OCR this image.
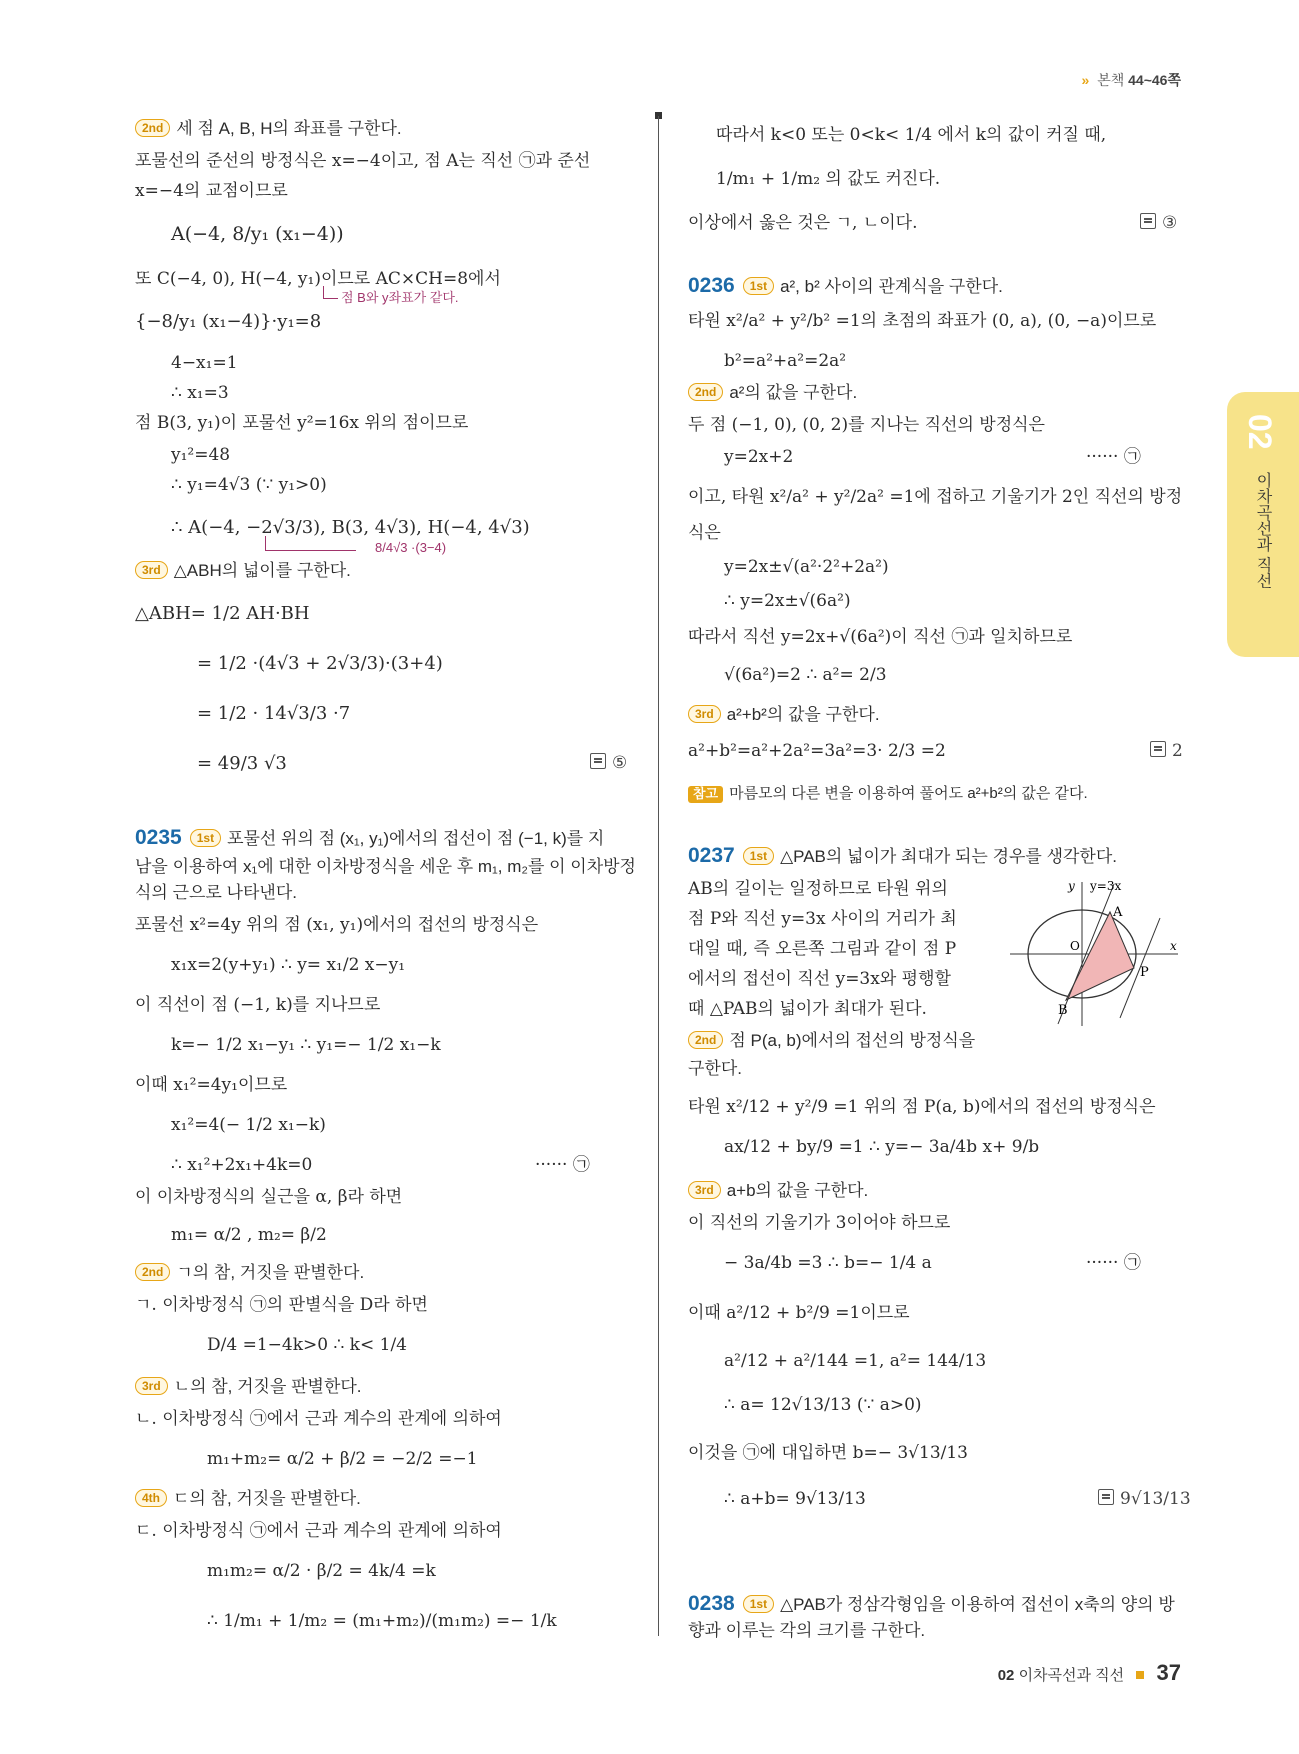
» 본책 44~46쪽
2nd 세 점 A, B, H의 좌표를 구한다.
포물선의 준선의 방정식은 x=−4이고, 점 A는 직선 ㉠과 준선
x=−4의 교점이므로
A(−4, 8/y₁ (x₁−4))
또 C(−4, 0), H(−4, y₁)이므로 AC×CH=8에서
점 B와 y좌표가 같다.
{−8/y₁ (x₁−4)}·y₁=8
4−x₁=1
∴ x₁=3
점 B(3, y₁)이 포물선 y²=16x 위의 점이므로
y₁²=48
∴ y₁=4√3 (∵ y₁>0)
∴ A(−4, −2√3/3), B(3, 4√3), H(−4, 4√3)
8/4√3 ·(3−4)
3rd △ABH의 넓이를 구한다.
△ABH= 1/2 AH·BH
= 1/2 ·(4√3 + 2√3/3)·(3+4)
= 1/2 · 14√3/3 ·7
= 49/3 √3	⑤
0235 1st 포물선 위의 점 (x₁, y₁)에서의 접선이 점 (−1, k)를 지
남을 이용하여 x₁에 대한 이차방정식을 세운 후 m₁, m₂를 이 이차방정
식의 근으로 나타낸다.
포물선 x²=4y 위의 점 (x₁, y₁)에서의 접선의 방정식은
x₁x=2(y+y₁) ∴ y= x₁/2 x−y₁
이 직선이 점 (−1, k)를 지나므로
k=− 1/2 x₁−y₁ ∴ y₁=− 1/2 x₁−k
이때 x₁²=4y₁이므로
x₁²=4(− 1/2 x₁−k)
∴ x₁²+2x₁+4k=0	······ ㉠
이 이차방정식의 실근을 α, β라 하면
m₁= α/2 , m₂= β/2
2nd ㄱ의 참, 거짓을 판별한다.
ㄱ. 이차방정식 ㉠의 판별식을 D라 하면
D/4 =1−4k>0 ∴ k< 1/4
3rd ㄴ의 참, 거짓을 판별한다.
ㄴ. 이차방정식 ㉠에서 근과 계수의 관계에 의하여
m₁+m₂= α/2 + β/2 = −2/2 =−1
4th ㄷ의 참, 거짓을 판별한다.
ㄷ. 이차방정식 ㉠에서 근과 계수의 관계에 의하여
m₁m₂= α/2 · β/2 = 4k/4 =k
∴ 1/m₁ + 1/m₂ = (m₁+m₂)/(m₁m₂) =− 1/k
따라서 k<0 또는 0<k< 1/4 에서 k의 값이 커질 때,
1/m₁ + 1/m₂ 의 값도 커진다.
이상에서 옳은 것은 ㄱ, ㄴ이다.	③
0236 1st a², b² 사이의 관계식을 구한다.
타원 x²/a² + y²/b² =1의 초점의 좌표가 (0, a), (0, −a)이므로
b²=a²+a²=2a²
2nd a²의 값을 구한다.
두 점 (−1, 0), (0, 2)를 지나는 직선의 방정식은
y=2x+2	······ ㉠
이고, 타원 x²/a² + y²/2a² =1에 접하고 기울기가 2인 직선의 방정
식은
y=2x±√(a²·2²+2a²)
∴ y=2x±√(6a²)
따라서 직선 y=2x+√(6a²)이 직선 ㉠과 일치하므로
√(6a²)=2 ∴ a²= 2/3
3rd a²+b²의 값을 구한다.
a²+b²=a²+2a²=3a²=3· 2/3 =2	2
참고 마름모의 다른 변을 이용하여 풀어도 a²+b²의 값은 같다.
0237 1st △PAB의 넓이가 최대가 되는 경우를 생각한다.
AB의 길이는 일정하므로 타원 위의
점 P와 직선 y=3x 사이의 거리가 최
대일 때, 즉 오른쪽 그림과 같이 점 P
에서의 접선이 직선 y=3x와 평행할
때 △PAB의 넓이가 최대가 된다.
2nd 점 P(a, b)에서의 접선의 방정식을
구한다.
y
x
y=3x
A
B
P
O
타원 x²/12 + y²/9 =1 위의 점 P(a, b)에서의 접선의 방정식은
ax/12 + by/9 =1 ∴ y=− 3a/4b x+ 9/b
3rd a+b의 값을 구한다.
이 직선의 기울기가 3이어야 하므로
− 3a/4b =3 ∴ b=− 1/4 a	······ ㉠
이때 a²/12 + b²/9 =1이므로
a²/12 + a²/144 =1, a²= 144/13
∴ a= 12√13/13 (∵ a>0)
이것을 ㉠에 대입하면 b=− 3√13/13
∴ a+b= 9√13/13	9√13/13
0238 1st △PAB가 정삼각형임을 이용하여 접선이 x축의 양의 방
향과 이루는 각의 크기를 구한다.
02
이차곡선과 직선
02 이차곡선과 직선 37
